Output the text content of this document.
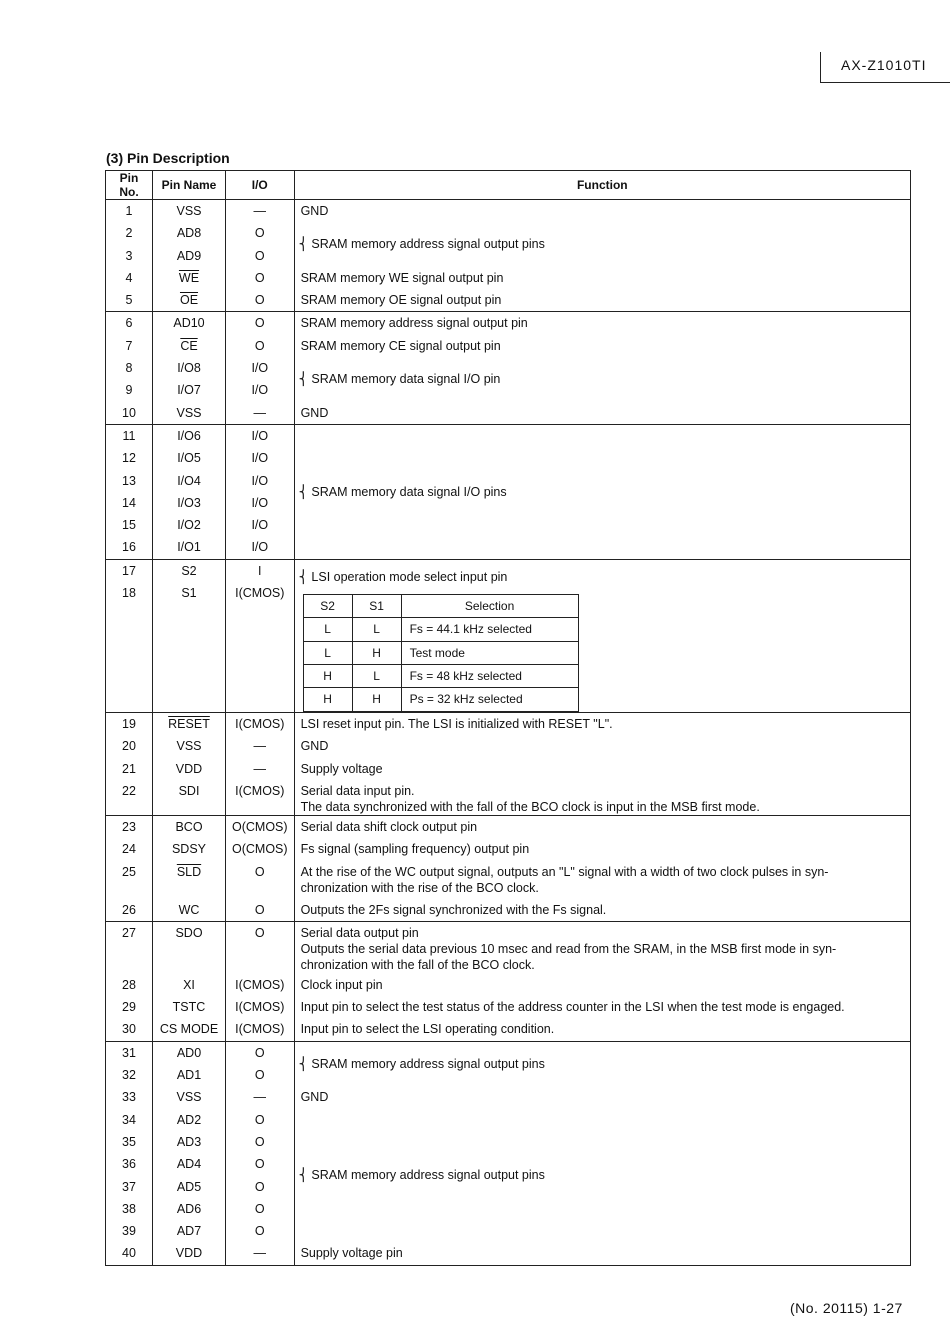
AX-Z1010TI
(3) Pin Description
Pin No.	Pin Name	I/O	Function
1	VSS	—	GND
2	AD8	O	⎨ SRAM memory address signal output pins
3	AD9	O
4	$\overline{WE}$	O	SRAM memory WE signal output pin
5	$\overline{OE}$	O	SRAM memory OE signal output pin
6	AD10	O	SRAM memory address signal output pin
7	$\overline{CE}$	O	SRAM memory CE signal output pin
8	I/O8	I/O	⎨ SRAM memory data signal I/O pin
9	I/O7	I/O
10	VSS	—	GND
11	I/O6	I/O	⎨ SRAM memory data signal I/O pins
12	I/O5	I/O
13	I/O4	I/O
14	I/O3	I/O
15	I/O2	I/O
16	I/O1	I/O
17	S2	I	⎨ LSI operation mode select input pin
S2	S1	Selection
L	L	Fs = 44.1 kHz selected
L	H	Test mode
H	L	Fs = 48 kHz selected
H	H	Ps = 32 kHz selected

18	S1	I(CMOS)
19	RESET	I(CMOS)	LSI reset input pin. The LSI is initialized with RESET "L".
20	VSS	—	GND
21	VDD	—	Supply voltage
22	SDI	I(CMOS)	Serial data input pin.
The data synchronized with the fall of the BCO clock is input in the MSB first mode.

23	BCO	O(CMOS)	Serial data shift clock output pin
24	SDSY	O(CMOS)	Fs signal (sampling frequency) output pin
25	$\overline{SLD}$	O	At the rise of the WC output signal, outputs an "L" signal with a width of two clock pulses in syn-
chronization with the rise of the BCO clock.

26	WC	O	Outputs the 2Fs signal synchronized with the Fs signal.
27	SDO	O	Serial data output pin
Outputs the serial data previous 10 msec and read from the SRAM, in the MSB first mode in syn-
chronization with the fall of the BCO clock.

28	XI	I(CMOS)	Clock input pin
29	TSTC	I(CMOS)	Input pin to select the test status of the address counter in the LSI when the test mode is engaged.
30	CS MODE	I(CMOS)	Input pin to select the LSI operating condition.
31	AD0	O	⎨ SRAM memory address signal output pins
32	AD1	O
33	VSS	—	GND
34	AD2	O	⎨ SRAM memory address signal output pins
35	AD3	O
36	AD4	O
37	AD5	O
38	AD6	O
39	AD7	O
40	VDD	—	Supply voltage pin
(No. 20115) 1-27
